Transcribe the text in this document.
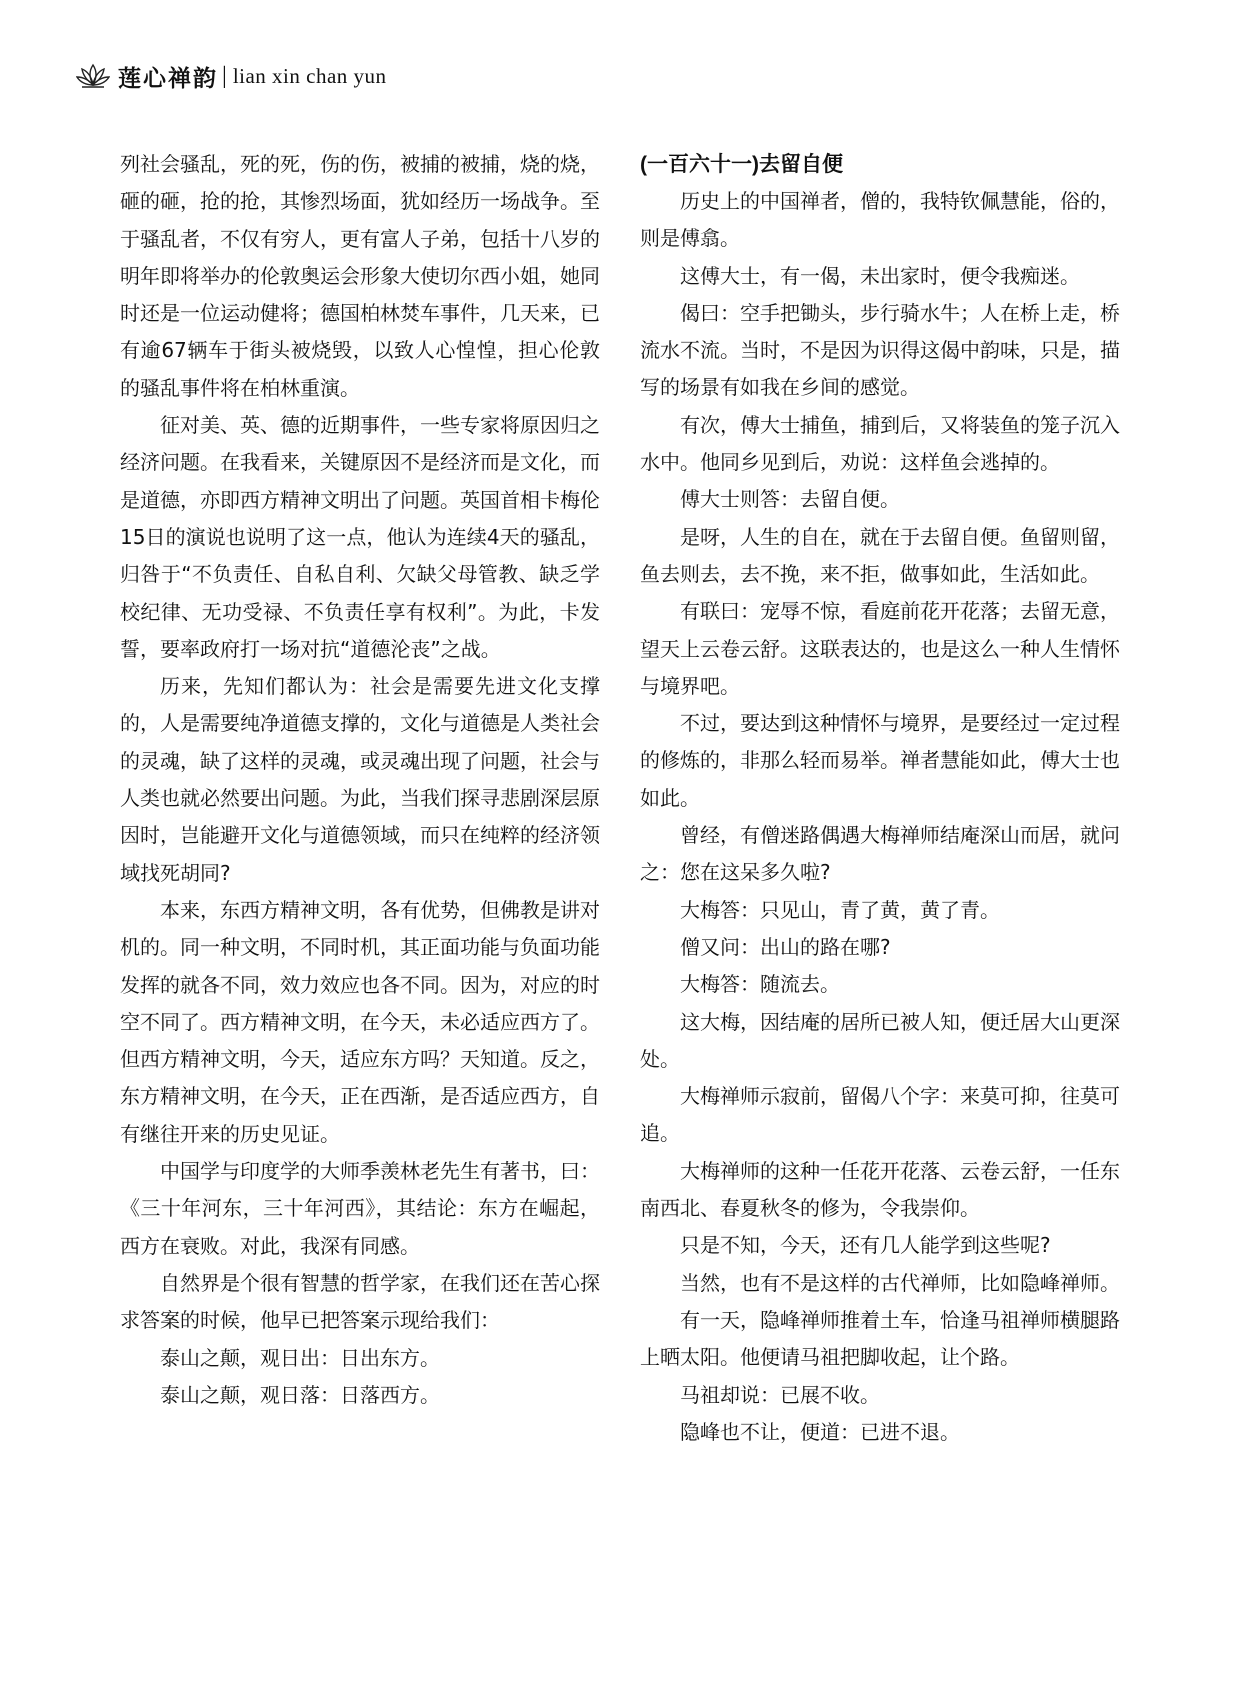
莲心禅韵 | lian xin chan yun

列社会骚乱，死的死，伤的伤，被捕的被捕，烧的烧，砸的砸，抢的抢，其惨烈场面，犹如经历一场战争。至于骚乱者，不仅有穷人，更有富人子弟，包括十八岁的明年即将举办的伦敦奥运会形象大使切尔西小姐，她同时还是一位运动健将；德国柏林焚车事件，几天来，已有逾67辆车于街头被烧毁，以致人心惶惶，担心伦敦的骚乱事件将在柏林重演。

征对美、英、德的近期事件，一些专家将原因归之经济问题。在我看来，关键原因不是经济而是文化，而是道德，亦即西方精神文明出了问题。英国首相卡梅伦15日的演说也说明了这一点，他认为连续4天的骚乱，归咎于“不负责任、自私自利、欠缺父母管教、缺乏学校纪律、无功受禄、不负责任享有权利”。为此，卡发誓，要率政府打一场对抗“道德沦丧”之战。

历来，先知们都认为：社会是需要先进文化支撑的，人是需要纯净道德支撑的，文化与道德是人类社会的灵魂，缺了这样的灵魂，或灵魂出现了问题，社会与人类也就必然要出问题。为此，当我们探寻悲剧深层原因时，岂能避开文化与道德领域，而只在纯粹的经济领域找死胡同?

本来，东西方精神文明，各有优势，但佛教是讲对机的。同一种文明，不同时机，其正面功能与负面功能发挥的就各不同，效力效应也各不同。因为，对应的时空不同了。西方精神文明，在今天，未必适应西方了。但西方精神文明，今天，适应东方吗？天知道。反之，东方精神文明，在今天，正在西渐，是否适应西方，自有继往开来的历史见证。

中国学与印度学的大师季羡林老先生有著书，曰：《三十年河东，三十年河西》，其结论：东方在崛起，西方在衰败。对此，我深有同感。

自然界是个很有智慧的哲学家，在我们还在苦心探求答案的时候，他早已把答案示现给我们：

泰山之颠，观日出：日出东方。

泰山之颠，观日落：日落西方。

(一百六十一)去留自便

历史上的中国禅者，僧的，我特钦佩慧能，俗的，则是傅翕。

这傅大士，有一偈，未出家时，便令我痴迷。

偈曰：空手把锄头，步行骑水牛；人在桥上走，桥流水不流。当时，不是因为识得这偈中韵味，只是，描写的场景有如我在乡间的感觉。

有次，傅大士捕鱼，捕到后，又将装鱼的笼子沉入水中。他同乡见到后，劝说：这样鱼会逃掉的。

傅大士则答：去留自便。

是呀，人生的自在，就在于去留自便。鱼留则留，鱼去则去，去不挽，来不拒，做事如此，生活如此。

有联曰：宠辱不惊，看庭前花开花落；去留无意，望天上云卷云舒。这联表达的，也是这么一种人生情怀与境界吧。

不过，要达到这种情怀与境界，是要经过一定过程的修炼的，非那么轻而易举。禅者慧能如此，傅大士也如此。

曾经，有僧迷路偶遇大梅禅师结庵深山而居，就问之：您在这呆多久啦?

大梅答：只见山，青了黄，黄了青。

僧又问：出山的路在哪?

大梅答：随流去。

这大梅，因结庵的居所已被人知，便迁居大山更深处。

大梅禅师示寂前，留偈八个字：来莫可抑，往莫可追。

大梅禅师的这种一任花开花落、云卷云舒，一任东南西北、春夏秋冬的修为，令我崇仰。

只是不知，今天，还有几人能学到这些呢?

当然，也有不是这样的古代禅师，比如隐峰禅师。

有一天，隐峰禅师推着土车，恰逢马祖禅师横腿路上晒太阳。他便请马祖把脚收起，让个路。

马祖却说：已展不收。

隐峰也不让，便道：已进不退。
